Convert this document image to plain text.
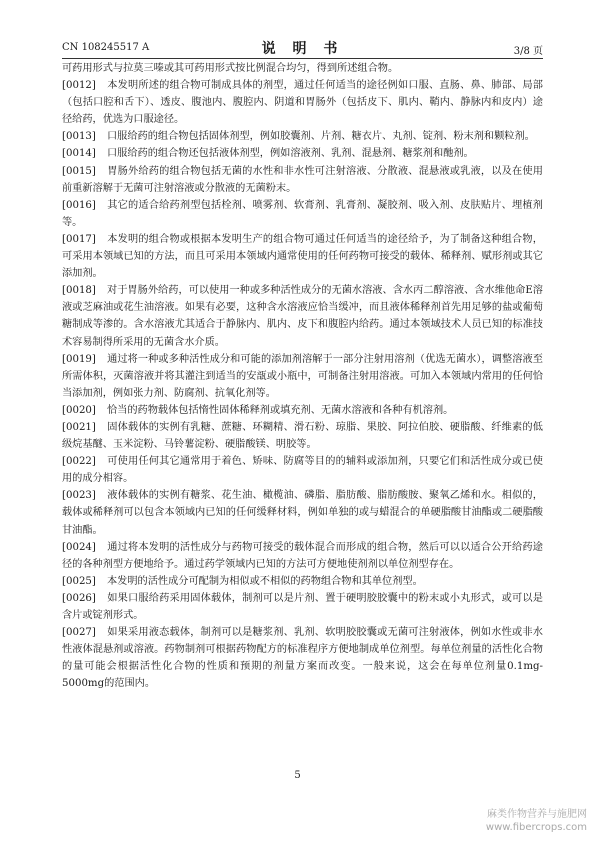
CN 108245517 A	说 明 书	3/8 页

可药用形式与拉莫三嗪或其可药用形式按比例混合均匀，得到所述组合物。

[0012] 本发明所述的组合物可制成具体的剂型，通过任何适当的途径例如口服、直肠、鼻、肺部、局部（包括口腔和舌下）、透皮、腹池内、腹腔内、阴道和胃肠外（包括皮下、肌内、鞘内、静脉内和皮内）途径给药，优选为口服途径。

[0013] 口服给药的组合物包括固体剂型，例如胶囊剂、片剂、糖衣片、丸剂、锭剂、粉末剂和颗粒剂。

[0014] 口服给药的组合物还包括液体剂型，例如溶液剂、乳剂、混悬剂、糖浆剂和酏剂。

[0015] 胃肠外给药的组合物包括无菌的水性和非水性可注射溶液、分散液、混悬液或乳液，以及在使用前重新溶解于无菌可注射溶液或分散液的无菌粉末。

[0016] 其它的适合给药剂型包括栓剂、喷雾剂、软膏剂、乳膏剂、凝胶剂、吸入剂、皮肤贴片、埋植剂等。

[0017] 本发明的组合物或根据本发明生产的组合物可通过任何适当的途径给予，为了制备这种组合物，可采用本领域已知的方法，而且可采用本领域内通常使用的任何药物可接受的载体、稀释剂、赋形剂或其它添加剂。

[0018] 对于胃肠外给药，可以使用一种或多种活性成分的无菌水溶液、含水丙二醇溶液、含水维他命E溶液或芝麻油或花生油溶液。如果有必要，这种含水溶液应恰当缓冲，而且液体稀释剂首先用足够的盐或葡萄糖制成等渗的。含水溶液尤其适合于静脉内、肌内、皮下和腹腔内给药。通过本领域技术人员已知的标准技术容易制得所采用的无菌含水介质。

[0019] 通过将一种或多种活性成分和可能的添加剂溶解于一部分注射用溶剂（优选无菌水），调整溶液至所需体积，灭菌溶液并将其灌注到适当的安瓿或小瓶中，可制备注射用溶液。可加入本领域内常用的任何恰当添加剂，例如张力剂、防腐剂、抗氧化剂等。

[0020] 恰当的药物载体包括惰性固体稀释剂或填充剂、无菌水溶液和各种有机溶剂。

[0021] 固体载体的实例有乳糖、蔗糖、环糊精、滑石粉、琼脂、果胶、阿拉伯胶、硬脂酸、纤维素的低级烷基醚、玉米淀粉、马铃薯淀粉、硬脂酸镁、明胶等。

[0022] 可使用任何其它通常用于着色、矫味、防腐等目的的辅料或添加剂，只要它们和活性成分或已使用的成分相容。

[0023] 液体载体的实例有糖浆、花生油、橄榄油、磷脂、脂肪酸、脂肪酸胺、聚氧乙烯和水。相似的，载体或稀释剂可以包含本领域内已知的任何缓释材料，例如单独的或与蜡混合的单硬脂酸甘油酯或二硬脂酸甘油酯。

[0024] 通过将本发明的活性成分与药物可接受的载体混合而形成的组合物，然后可以以适合公开给药途径的各种剂型方便地给予。通过药学领域内已知的方法可方便地使剂剂以单位剂型存在。

[0025] 本发明的活性成分可配制为相似或不相似的药物组合物和其单位剂型。

[0026] 如果口服给药采用固体载体，制剂可以是片剂、置于硬明胶胶囊中的粉末或小丸形式，或可以是含片或锭剂形式。

[0027] 如果采用液态载体，制剂可以是糖浆剂、乳剂、软明胶胶囊或无菌可注射液体，例如水性或非水性液体混悬剂或溶液。药物制剂可根据药物配方的标准程序方便地制成单位剂型。每单位剂量的活性化合物的量可能会根据活性化合物的性质和预期的剂量方案而改变。一般来说，这会在每单位剂量0.1mg-5000mg的范围内。

5
麻类作物营养与施肥网
www.fibercrops.com
